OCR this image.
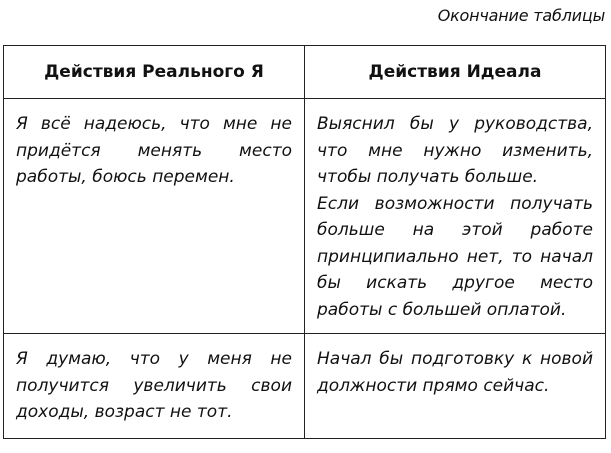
Окончание таблицы
Действия Реального Я	Действия Идеала

Я всё надеюсь, что мне не придётся менять место работы, боюсь перемен.	Выяснил бы у руководства, что мне нужно изменить, чтобы получать больше.
Если возможности получать больше на этой работе принципиально нет, то начал бы искать другое место работы с большей оплатой.

Я думаю, что у меня не получится увеличить свои доходы, возраст не тот.	Начал бы подготовку к новой должности прямо сейчас.
